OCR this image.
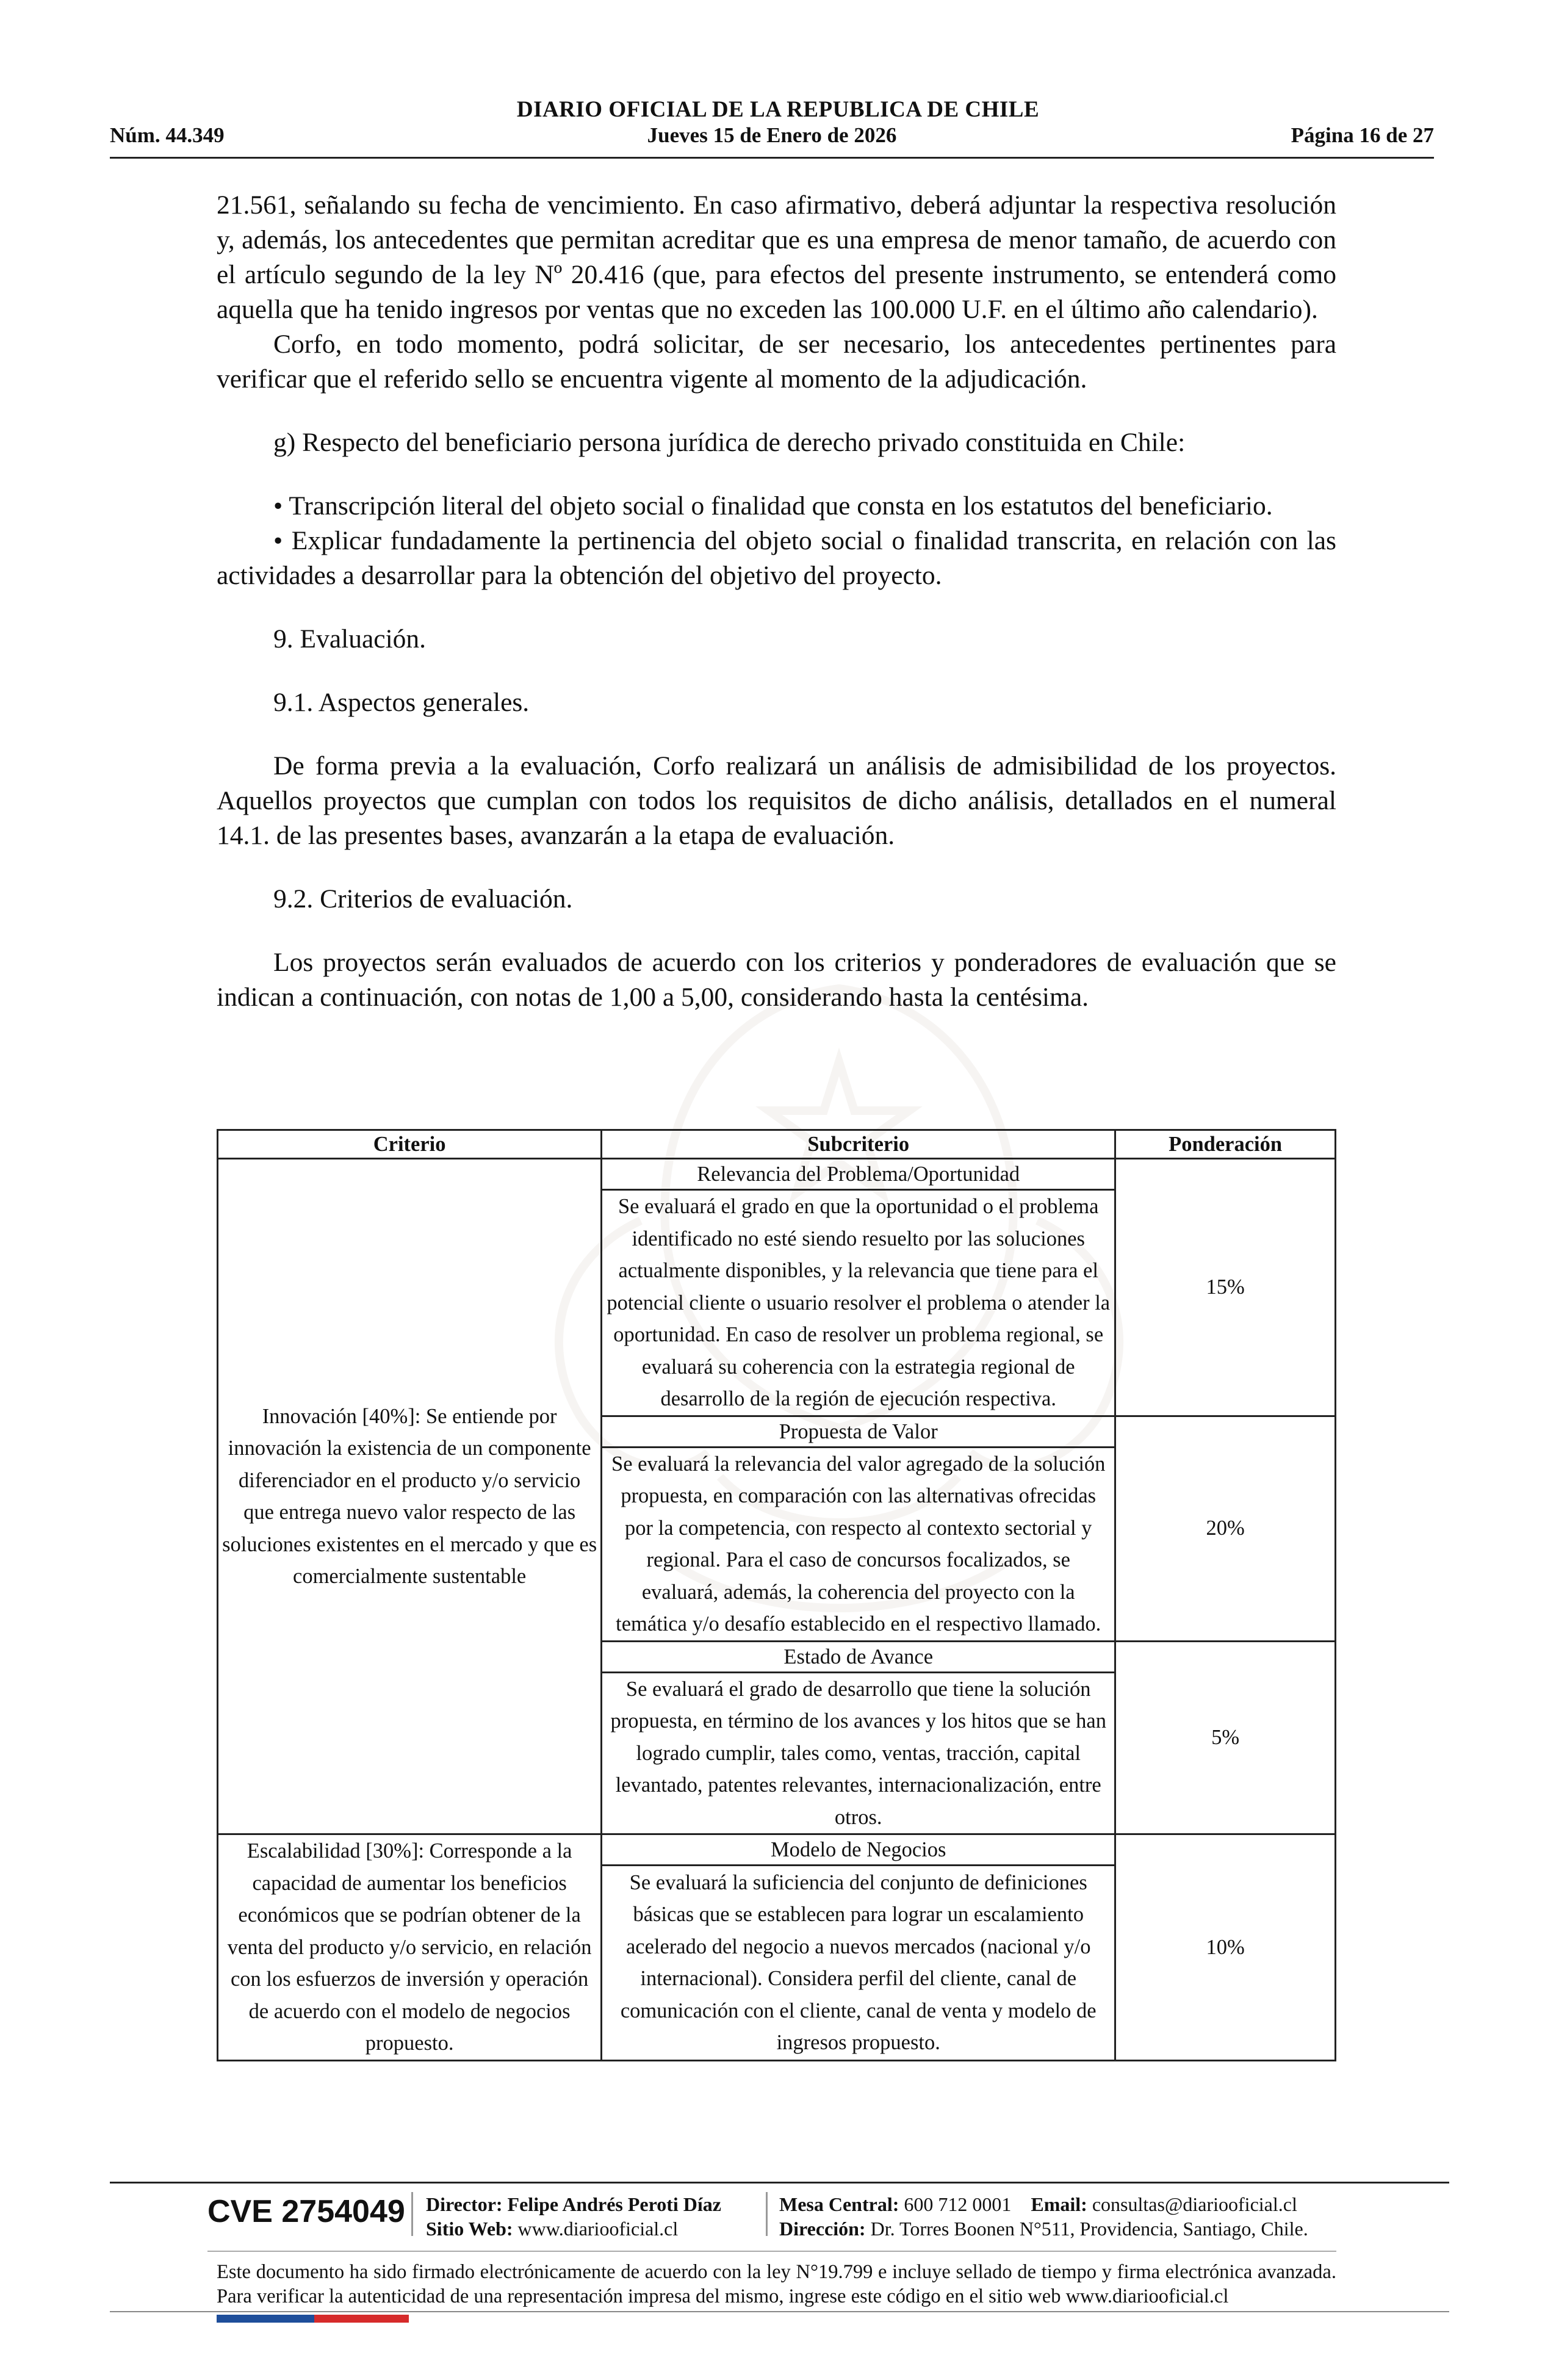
DIARIO OFICIAL DE LA REPUBLICA DE CHILE
Núm. 44.349	Jueves 15 de Enero de 2026	Página 16 de 27

21.561, señalando su fecha de vencimiento. En caso afirmativo, deberá adjuntar la respectiva resolución y, además, los antecedentes que permitan acreditar que es una empresa de menor tamaño, de acuerdo con el artículo segundo de la ley Nº 20.416 (que, para efectos del presente instrumento, se entenderá como aquella que ha tenido ingresos por ventas que no exceden las 100.000 U.F. en el último año calendario).

Corfo, en todo momento, podrá solicitar, de ser necesario, los antecedentes pertinentes para verificar que el referido sello se encuentra vigente al momento de la adjudicación.

g) Respecto del beneficiario persona jurídica de derecho privado constituida en Chile:

• Transcripción literal del objeto social o finalidad que consta en los estatutos del beneficiario.

• Explicar fundadamente la pertinencia del objeto social o finalidad transcrita, en relación con las actividades a desarrollar para la obtención del objetivo del proyecto.

9. Evaluación.

9.1. Aspectos generales.

De forma previa a la evaluación, Corfo realizará un análisis de admisibilidad de los proyectos. Aquellos proyectos que cumplan con todos los requisitos de dicho análisis, detallados en el numeral 14.1. de las presentes bases, avanzarán a la etapa de evaluación.

9.2. Criterios de evaluación.

Los proyectos serán evaluados de acuerdo con los criterios y ponderadores de evaluación que se indican a continuación, con notas de 1,00 a 5,00, considerando hasta la centésima.

Criterio	Subcriterio	Ponderación
Innovación [40%]: Se entiende por innovación la existencia de un componente diferenciador en el producto y/o servicio que entrega nuevo valor respecto de las soluciones existentes en el mercado y que es comercialmente sustentable	Relevancia del Problema/Oportunidad	15%
	Se evaluará el grado en que la oportunidad o el problema identificado no esté siendo resuelto por las soluciones actualmente disponibles, y la relevancia que tiene para el potencial cliente o usuario resolver el problema o atender la oportunidad. En caso de resolver un problema regional, se evaluará su coherencia con la estrategia regional de desarrollo de la región de ejecución respectiva.	
	Propuesta de Valor	20%
	Se evaluará la relevancia del valor agregado de la solución propuesta, en comparación con las alternativas ofrecidas por la competencia, con respecto al contexto sectorial y regional. Para el caso de concursos focalizados, se evaluará, además, la coherencia del proyecto con la temática y/o desafío establecido en el respectivo llamado.	
	Estado de Avance	5%
	Se evaluará el grado de desarrollo que tiene la solución propuesta, en término de los avances y los hitos que se han logrado cumplir, tales como, ventas, tracción, capital levantado, patentes relevantes, internacionalización, entre otros.	
Escalabilidad [30%]: Corresponde a la capacidad de aumentar los beneficios económicos que se podrían obtener de la venta del producto y/o servicio, en relación con los esfuerzos de inversión y operación de acuerdo con el modelo de negocios propuesto.	Modelo de Negocios	10%
	Se evaluará la suficiencia del conjunto de definiciones básicas que se establecen para lograr un escalamiento acelerado del negocio a nuevos mercados (nacional y/o internacional). Considera perfil del cliente, canal de comunicación con el cliente, canal de venta y modelo de ingresos propuesto.	
CVE 2754049 Director: Felipe Andrés Peroti Díaz
Sitio Web: www.diariooficial.cl
Mesa Central: 600 712 0001 Email: consultas@diariooficial.cl
Dirección: Dr. Torres Boonen N°511, Providencia, Santiago, Chile.
Este documento ha sido firmado electrónicamente de acuerdo con la ley N°19.799 e incluye sellado de tiempo y firma electrónica avanzada. Para verificar la autenticidad de una representación impresa del mismo, ingrese este código en el sitio web www.diariooficial.cl
